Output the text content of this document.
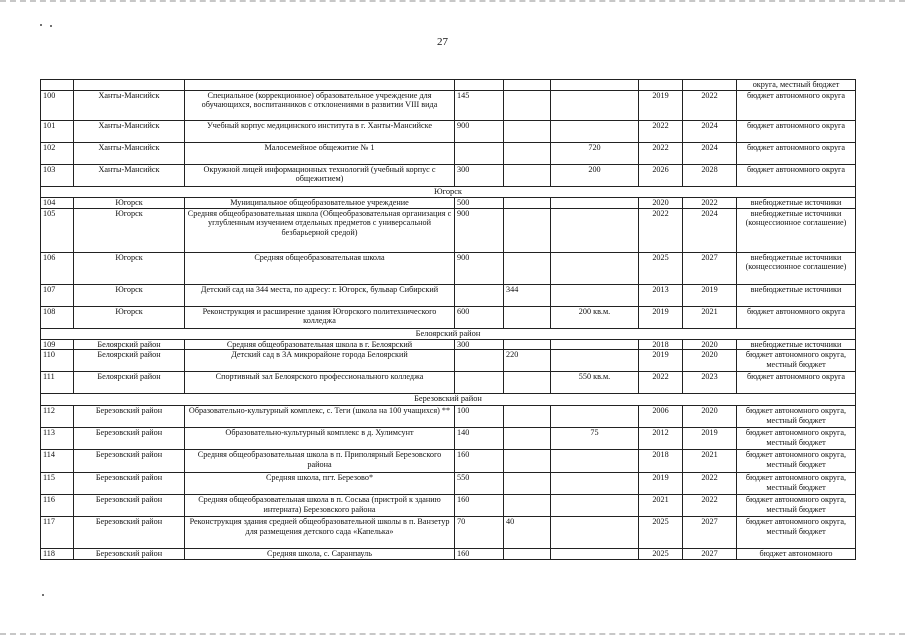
27
								округа, местный бюджет
100	Ханты-Мансийск	Специальное (коррекционное) образовательное учреждение для обучающихся, воспитанников с отклонениями в развитии VIII вида	145			2019	2022	бюджет автономного округа
101	Ханты-Мансийск	Учебный корпус медицинского института в г. Ханты-Мансийске	900			2022	2024	бюджет автономного округа
102	Ханты-Мансийск	Малосемейное общежитие № 1			720	2022	2024	бюджет автономного округа
103	Ханты-Мансийск	Окружной лицей информационных технологий (учебный корпус с общежитием)	300		200	2026	2028	бюджет автономного округа
Югорск								
104	Югорск	Муниципальное общеобразовательное учреждение	500			2020	2022	внебюджетные источники
105	Югорск	Средняя общеобразовательная школа (Общеобразовательная организация с углубленным изучением отдельных предметов с универсальной безбарьерной средой)	900			2022	2024	внебюджетные источники (концессионное соглашение)
106	Югорск	Средняя общеобразовательная школа	900			2025	2027	внебюджетные источники (концессионное соглашение)
107	Югорск	Детский сад на 344 места, по адресу: г. Югорск, бульвар Сибирский		344		2013	2019	внебюджетные источники
108	Югорск	Реконструкция и расширение здания Югорского политехнического колледжа	600		200 кв.м.	2019	2021	бюджет автономного округа
Белоярский район								
109	Белоярский район	Средняя общеобразовательная школа в г. Белоярский	300			2018	2020	внебюджетные источники
110	Белоярский район	Детский сад в 3А микрорайоне города Белоярский		220		2019	2020	бюджет автономного округа, местный бюджет
111	Белоярский район	Спортивный зал Белоярского профессионального колледжа			550 кв.м.	2022	2023	бюджет автономного округа
Березовский район								
112	Березовский район	Образовательно-культурный комплекс, с. Теги (школа на 100 учащихся) **	100			2006	2020	бюджет автономного округа, местный бюджет
113	Березовский район	Образовательно-культурный комплекс в д. Хулимсунт	140		75	2012	2019	бюджет автономного округа, местный бюджет
114	Березовский район	Средняя общеобразовательная школа в п. Приполярный Березовского района	160			2018	2021	бюджет автономного округа, местный бюджет
115	Березовский район	Средняя школа, пгт. Березово*	550			2019	2022	бюджет автономного округа, местный бюджет
116	Березовский район	Средняя общеобразовательная школа в п. Сосьва (пристрой к зданию интерната) Березовского района	160			2021	2022	бюджет автономного округа, местный бюджет
117	Березовский район	Реконструкция здания средней общеобразовательной школы в п. Ванзетур для размещения детского сада «Капелька»	70	40		2025	2027	бюджет автономного округа, местный бюджет
118	Березовский район	Средняя школа, с. Саранпауль	160			2025	2027	бюджет автономного
